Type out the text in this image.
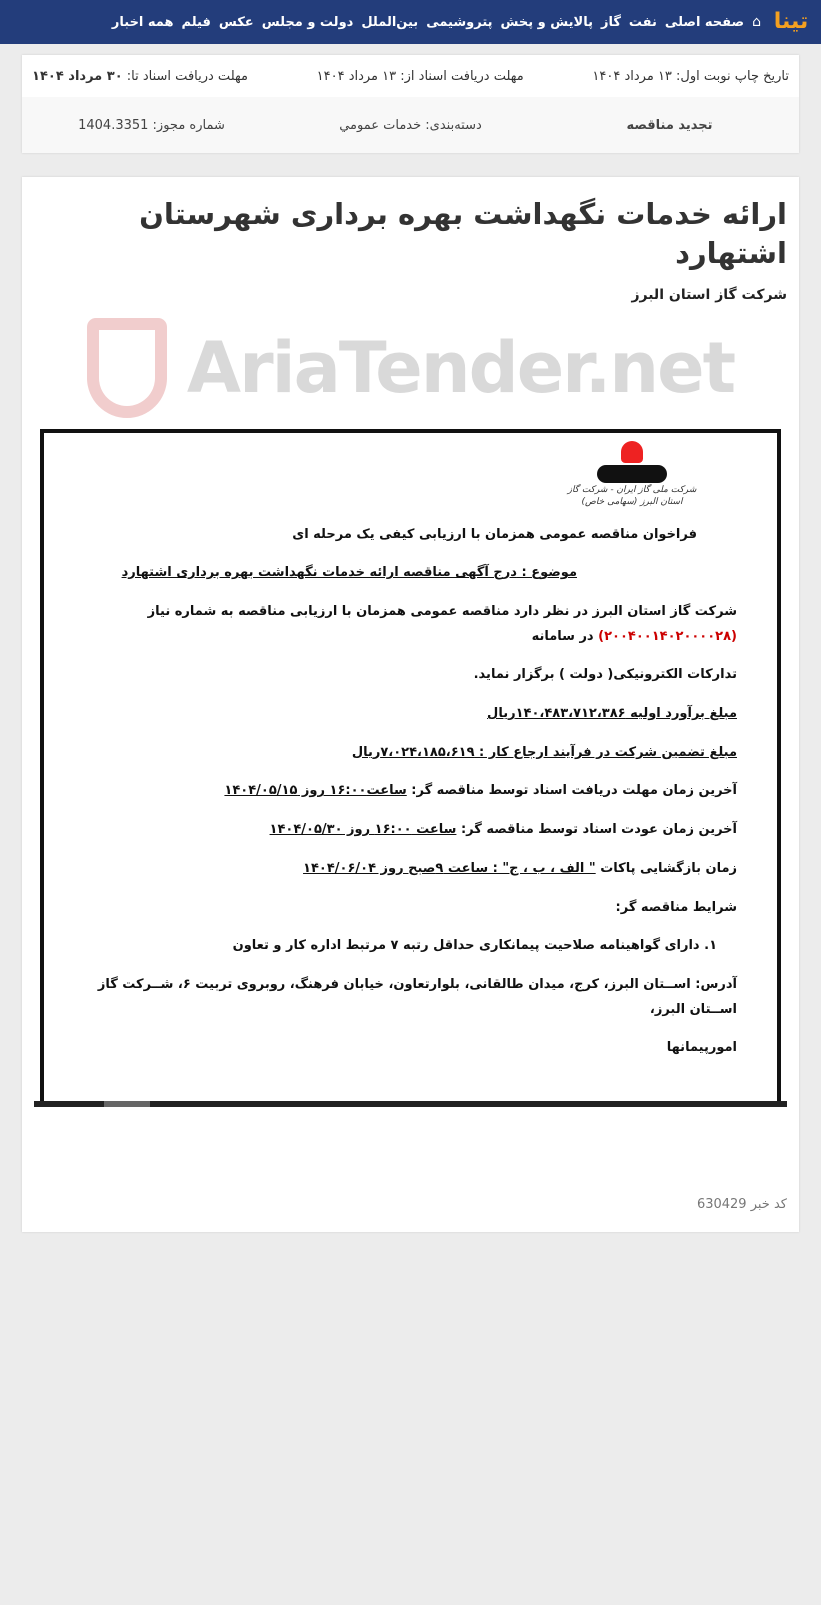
تینا
⌂
صفحه اصلی
نفت
گاز
پالایش و پخش
پتروشیمی
بین‌الملل
دولت و مجلس
عکس
فیلم
همه اخبار
تاریخ چاپ نوبت اول: ۱۳ مرداد ۱۴۰۴
مهلت دریافت اسناد از: ۱۳ مرداد ۱۴۰۴
مهلت دریافت اسناد تا: ۳۰ مرداد ۱۴۰۴
تجدید مناقصه
دسته‌بندی: خدمات عمومي
شماره مجوز: 1404.3351
ارائه خدمات نگهداشت بهره برداری شهرستان اشتهارد
شرکت گاز استان البرز
AriaTender.net
شرکت ملی گاز ایران - شرکت گاز استان البرز (سهامی خاص)
فراخوان مناقصه عمومی همزمان با ارزیابی کیفی یک مرحله ای
موضوع : درج آگهی مناقصه ارائه خدمات نگهداشت بهره برداری اشتهارد
شرکت گاز استان البرز در نظر دارد مناقصه عمومی همزمان با ارزیابی مناقصه به شماره نیاز (۲۰۰۴۰۰۱۴۰۲۰۰۰۰۲۸) در سامانه
تدارکات الکترونیکی( دولت ) برگزار نماید.
مبلغ برآورد اولیه ۱۴۰،۴۸۳،۷۱۲،۳۸۶ریال
مبلغ تضمین شرکت در فرآیند ارجاع کار : ۷،۰۲۴،۱۸۵،۶۱۹ریال
آخرین زمان مهلت دریافت اسناد توسط مناقصه گر: ساعت۱۶:۰۰ روز ۱۴۰۴/۰۵/۱۵
آخرین زمان عودت اسناد توسط مناقصه گر: ساعت ۱۶:۰۰ روز ۱۴۰۴/۰۵/۳۰
زمان بازگشایی پاکات " الف ، ب ، ج" : ساعت ۹صبح روز ۱۴۰۴/۰۶/۰۴
شرایط مناقصه گر:
۱. دارای گواهینامه صلاحیت پیمانکاری حداقل رتبه ۷ مرتبط اداره کار و تعاون
آدرس: اســتان البرز، کرج، میدان طالقانی، بلوارتعاون، خیابان فرهنگ، روبروی تربیت ۶، شــرکت گاز اســتان البرز،
امورپیمانها
کد خبر 630429
